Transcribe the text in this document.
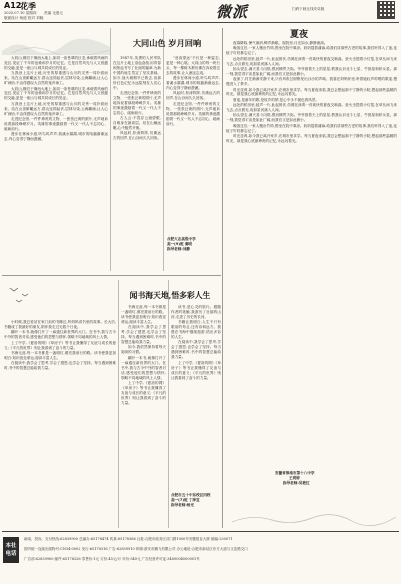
A12
花季
2025.07.10 星期四 责编 毛惠元
版面设计 杨道 校对 刘晓	微派	扫码下载无线安卓版

大同山,横亘于豫西大地上,如同一条苍翠的巨龙,承载着风雨的变幻,见证了千年的沧桑和岁月的记忆。它是自然风光与人文底蕴的交融,更是一座山与城共同成长的见证。

当我登上这片土地,历史的厚重感与山川的灵秀一同扑面而来。站在山顶俯瞰远方,群山连绵起伏,层林尽染,云海翻涌,让人心旷神怡,不由得感叹大自然的鬼斧神工。

大同山,横亘于豫西大地上,如同一条苍翠的巨龙,承载着风雨的变幻,见证了千年的沧桑和岁月的记忆。它是自然风光与人文底蕴的交融,更是一座山与城共同成长的见证。

当我登上这片土地,历史的厚重感与山川的灵秀一同扑面而来。站在山顶俯瞰远方,群山连绵起伏,层林尽染,云海翻涌,让人心旷神怡,不由得感叹大自然的鬼斧神工。

走进纪念馆,一件件珍贵的文物、一张张泛黄的照片,无声地诉说着那段峥嵘岁月。英雄的事迹激励着一代又一代人不忘初心、砥砺前行。

漫步在林间小道,听鸟鸣声声,看溪水潺潺,城市的喧嚣渐渐远去,内心变得宁静而澄澈。

大同山色 岁月回响

1947年,英勇的人民军队在这片土地上浴血奋战,用青春和热血书写了壮丽的篇章,为新中国的诞生奠定了坚实基础。如今,战火硝烟早已散去,但那份红色记忆永远铭刻在人们心中。

走进纪念馆,一件件珍贵的文物、一张张泛黄的照片,无声地诉说着那段峥嵘岁月。英雄的事迹激励着一代又一代人不忘初心、砥砺前行。

古人云:不畏浮云遮望眼,自缘身在最高层。站在山巅远眺,心中豁然开朗。

风起时,松涛阵阵,仿佛远古的回声,在山谷间久久回荡。

"登高望远"不仅是一种姿态,更是一种心境。大同山的每一块石头、每一棵树木都仿佛在诉说着过去的故事,让人流连忘返。

漫步在林间小道,听鸟鸣声声,看溪水潺潺,城市的喧嚣渐渐远去,内心变得宁静而澄澈。

风起时,松涛阵阵,仿佛远古的回声,在山谷间久久回荡。

走进纪念馆,一件件珍贵的文物、一张张泛黄的照片,无声地诉说着那段峥嵘岁月。英雄的事迹激励着一代又一代人不忘初心、砥砺前行。

合肥大志高级中学
高一(9)班 秦明
指导老师:刘静
闻书海天地,悟多彩人生

小时候,我总爱站在家门前的书摊边,听妈妈讲书里的故事。长大后,书籍成了我最好的朋友,陪伴我走过无数个日夜。

翻开一本书,就像打开了一扇通往新世界的大门。在书中,我与古今中外的智者对话,感受他们的思想与情怀,领略不同地域的风土人情。

上了中学,《夏洛的网》《草房子》等书让我懂得了友谊与成长的意义;《平凡的世界》则让我看到了奋斗的力量。

书海无涯,每一本书都是一盏明灯,照亮我前行的路。读书使我更加明白:知识改变命运,阅读丰富人生。

在阅读中,我学会了思考,学会了感恩,也学会了坚持。每当遇到困难时,书中的智慧总能给我力量。

书海无涯,每一本书都是一盏明灯,照亮我前行的路。读书使我更加明白:知识改变命运,阅读丰富人生。

在阅读中,我学会了思考,学会了感恩,也学会了坚持。每当遇到困难时,书中的智慧总能给我力量。

如今,我依然保持着每天阅读的习惯。

翻开一本书,就像打开了一扇通往新世界的大门。在书中,我与古今中外的智者对话,感受他们的思想与情怀,领略不同地域的风土人情。

上了中学,《夏洛的网》《草房子》等书让我懂得了友谊与成长的意义;《平凡的世界》则让我看到了奋斗的力量。

读书,是心灵的旅行。跟随作者的笔触,我游历了壮丽的山河,走进了历史的长河。

书籍让我明白,人生不只有眼前的苟且,还有诗和远方。我愿在书海中继续遨游,悟出多彩的人生。

在阅读中,我学会了思考,学会了感恩,也学会了坚持。每当遇到困难时,书中的智慧总能给我力量。

上了中学,《夏洛的网》《草房子》等书让我懂得了友谊与成长的意义;《平凡的世界》则让我看到了奋斗的力量。

合肥市五十中东校区四校
高一(7)班 丁泽宜
指导老师:杨光
夏夜

夜幕降临,暑气渐消,蝉声渐歇。庭院里,月光如水,静静流淌。

晚饭过后,一家人搬出竹椅,围坐在院中乘凉。奶奶摇着蒲扇,给我们讲那些古老的故事,我们听得入了迷,连蚊子叮咬都忘记了。

远处的稻田里,蛙声一片,此起彼伏,仿佛在演奏一首欢快的夏夜交响曲。萤火虫提着小灯笼,在草丛间飞来飞去,点点微光,宛如星河落入人间。

抬头望去,满天星斗闪烁,银河横贯天际。爷爷指着天上的星星,教我认识北斗七星、牛郎星和织女星。那一刻,我觉得宇宙是如此广阔,而我们又是如此渺小。

夜深了,村庄渐渐安静下来,只有风吹过树梢发出沙沙的声响。我靠在妈妈怀里,听着她轻声哼唱的歌谣,慢慢进入了梦乡。

时光荏苒,如今我已离开家乡,在城市里求学。每当夏夜来临,我总会想起那个宁静的小院,想起那些温暖的时光。那是我心底最珍贵的记忆,永远闪着光。

夏夜,是童年的歌,是故乡的梦,是心中永不褪色的风景。

远处的稻田里,蛙声一片,此起彼伏,仿佛在演奏一首欢快的夏夜交响曲。萤火虫提着小灯笼,在草丛间飞来飞去,点点微光,宛如星河落入人间。

抬头望去,满天星斗闪烁,银河横贯天际。爷爷指着天上的星星,教我认识北斗七星、牛郎星和织女星。那一刻,我觉得宇宙是如此广阔,而我们又是如此渺小。

晚饭过后,一家人搬出竹椅,围坐在院中乘凉。奶奶摇着蒲扇,给我们讲那些古老的故事,我们听得入了迷,连蚊子叮咬都忘记了。

时光荏苒,如今我已离开家乡,在城市里求学。每当夏夜来临,我总会想起那个宁静的小院,想起那些温暖的时光。那是我心底最珍贵的记忆,永远闪着光。

安徽省淮南市第十八中学
王玥婷
指导老师:吴艳红
本社
电话
新闻、投诉、支付热线:62839900 总编办:65178474 传真:65178366 社址:合肥市政务区祁门路1000号安徽报业大厦 邮编:230071
国内统一连续出版物号:CN34-0002 发行:65178316 广告:62839910 印刷:淮安市鹏飞有限公司 办公地址:合肥市新站区东方大道与文忠路交口
广告部:62839900 邮件:65178326 零售价:1元 订价:45元/月 年价:540元 广告经营许可证:3400004000001号
